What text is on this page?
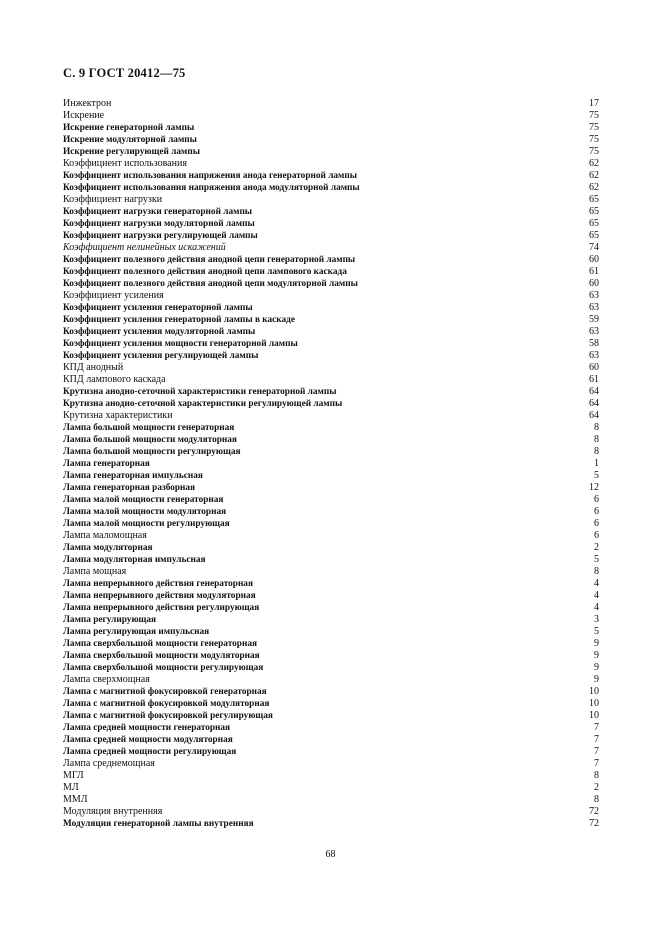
С. 9 ГОСТ 20412—75
Инжектрон	17
Искрение	75
Искрение генераторной лампы	75
Искрение модуляторной лампы	75
Искрение регулирующей лампы	75
Коэффициент использования	62
Коэффициент использования напряжения анода генераторной лампы	62
Коэффициент использования напряжения анода модуляторной лампы	62
Коэффициент нагрузки	65
Коэффициент нагрузки генераторной лампы	65
Коэффициент нагрузки модуляторной лампы	65
Коэффициент нагрузки регулирующей лампы	65
Коэффициент нелинейных искажений	74
Коэффициент полезного действия анодной цепи генераторной лампы	60
Коэффициент полезного действия анодной цепи лампового каскада	61
Коэффициент полезного действия анодной цепи модуляторной лампы	60
Коэффициент усиления	63
Коэффициент усиления генераторной лампы	63
Коэффициент усиления генераторной лампы в каскаде	59
Коэффициент усиления модуляторной лампы	63
Коэффициент усиления мощности генераторной лампы	58
Коэффициент усиления регулирующей лампы	63
КПД анодный	60
КПД лампового каскада	61
Крутизна анодно-сеточной характеристики генераторной лампы	64
Крутизна анодно-сеточной характеристики регулирующей лампы	64
Крутизна характеристики	64
Лампа большой мощности генераторная	8
Лампа большой мощности модуляторная	8
Лампа большой мощности регулирующая	8
Лампа генераторная	1
Лампа генераторная импульсная	5
Лампа генераторная разборная	12
Лампа малой мощности генераторная	6
Лампа малой мощности модуляторная	6
Лампа малой мощности регулирующая	6
Лампа маломощная	6
Лампа модуляторная	2
Лампа модуляторная импульсная	5
Лампа мощная	8
Лампа непрерывного действия генераторная	4
Лампа непрерывного действия модуляторная	4
Лампа непрерывного действия регулирующая	4
Лампа регулирующая	3
Лампа регулирующая импульсная	5
Лампа сверхбольшой мощности генераторная	9
Лампа сверхбольшой мощности модуляторная	9
Лампа сверхбольшой мощности регулирующая	9
Лампа сверхмощная	9
Лампа с магнитной фокусировкой генераторная	10
Лампа с магнитной фокусировкой модуляторная	10
Лампа с магнитной фокусировкой регулирующая	10
Лампа средней мощности генераторная	7
Лампа средней мощности модуляторная	7
Лампа средней мощности регулирующая	7
Лампа среднемощная	7
МГЛ	8
МЛ	2
ММЛ	8
Модуляция внутренняя	72
Модуляция генераторной лампы внутренняя	72
68
